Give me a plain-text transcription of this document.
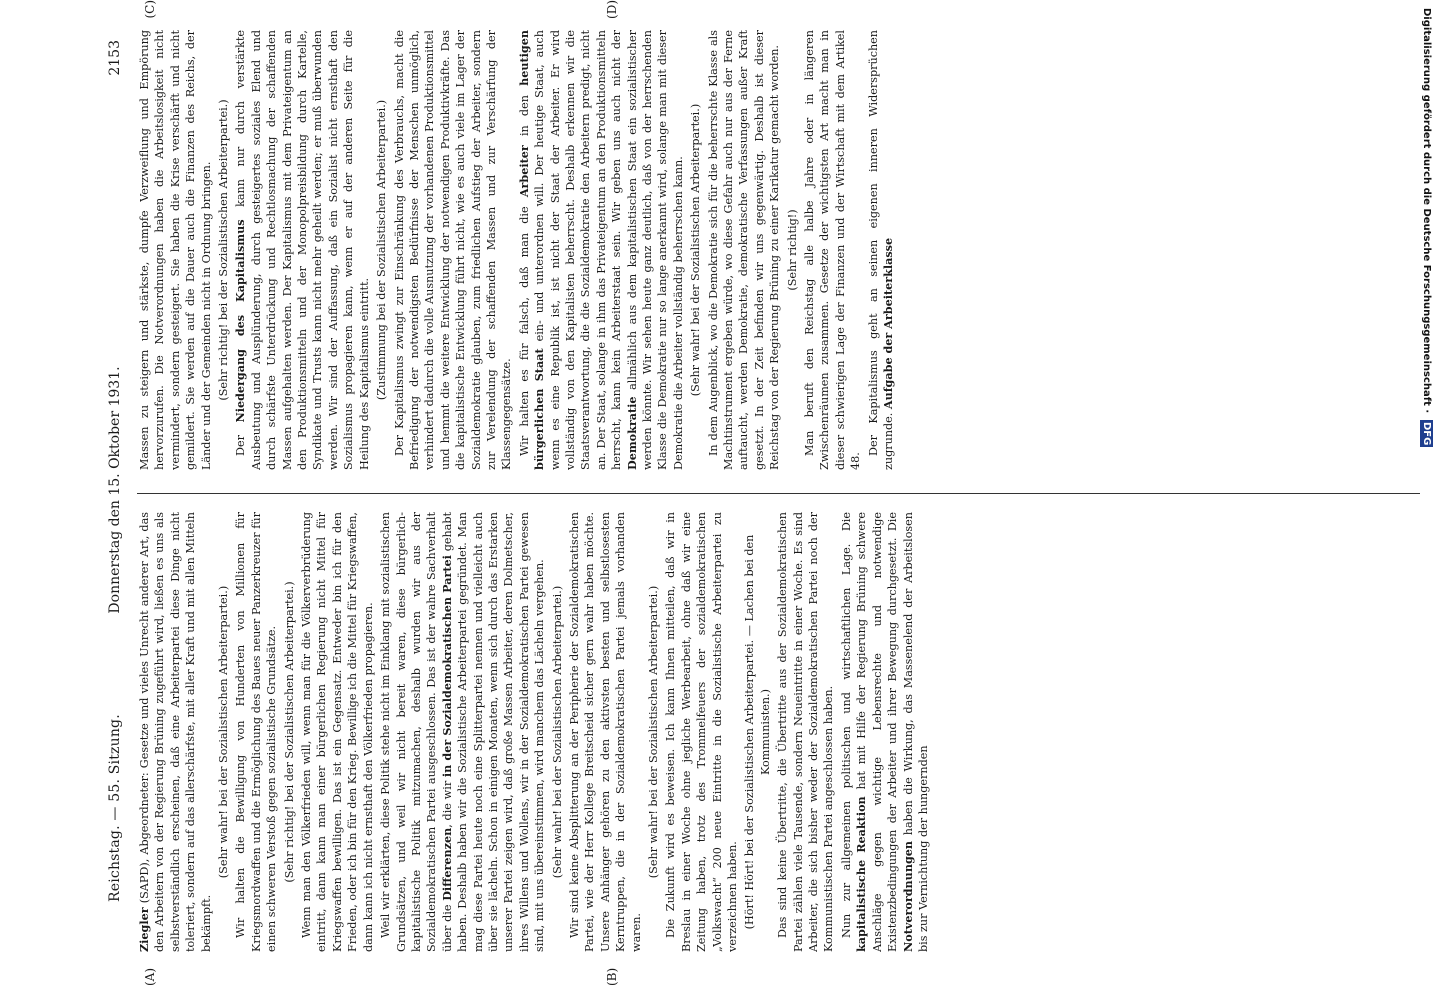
Reichstag. — 55. Sitzung.
Donnerstag den 15. Oktober 1931.
2153
(A)	(B)
(C)	(D)

Ziegler (SAPD), Abgeordneter: Gesetze und vieles Unrecht anderer Art, das den Arbeitern von der Regierung Brüning zugeführt wird, ließen es uns als selbstverständlich erscheinen, daß eine Arbeiterpartei diese Dinge nicht toleriert, sondern auf das allerschärfste, mit aller Kraft und mit allen Mitteln bekämpft.

(Sehr wahr! bei der Sozialistischen Arbeiterpartei.) Wir halten die Bewilligung von Hunderten von Millionen für Kriegsmordwaffen und die Ermöglichung des Baues neuer Panzerkreuzer für einen schweren Verstoß gegen sozialistische Grundsätze. (Sehr richtig! bei der Sozialistischen Arbeiterpartei.) Wenn man den Völkerfrieden will, wenn man für die Völkerverbrüderung eintritt, dann kann man einer bürgerlichen Regierung nicht Mittel für Kriegswaffen bewilligen. Das ist ein Gegensatz. Entweder bin ich für den Frieden, oder ich bin für den Krieg. Bewillige ich die Mittel für Kriegswaffen, dann kann ich nicht ernsthaft den Völkerfrieden propagieren. Weil wir erklärten, diese Politik stehe nicht im Einklang mit sozialistischen Grundsätzen, und weil wir nicht bereit waren, diese bürgerlich-kapitalistische Politik mitzumachen, deshalb wurden wir aus der Sozialdemokratischen Partei ausgeschlossen. Das ist der wahre Sachverhalt über die Differenzen, die wir in der Sozialdemokratischen Partei gehabt haben. Deshalb haben wir die Sozialistische Arbeiterpartei gegründet. Man mag diese Partei heute noch eine Splitterpartei nennen und vielleicht auch über sie lächeln. Schon in einigen Monaten, wenn sich durch das Erstarken unserer Partei zeigen wird, daß große Massen Arbeiter, deren Dolmetscher, ihres Willens und Wollens, wir in der Sozialdemokratischen Partei gewesen sind, mit uns übereinstimmen, wird manchem das Lächeln vergehen. (Sehr wahr! bei der Sozialistischen Arbeiterpartei.) Wir sind keine Absplitterung an der Peripherie der Sozialdemokratischen Partei, wie der Herr Kollege Breitscheid sicher gern wahr haben möchte. Unsere Anhänger gehören zu den aktivsten besten und selbstlosesten Kerntruppen, die in der Sozialdemokratischen Partei jemals vorhanden waren.

(Sehr wahr! bei der Sozialistischen Arbeiterpartei.) Die Zukunft wird es beweisen. Ich kann Ihnen mitteilen, daß wir in Breslau in einer Woche ohne jegliche Werbearbeit, ohne daß wir eine Zeitung haben, trotz des Trommelfeuers der sozialdemokratischen „Volkswacht“ 200 neue Eintritte in die Sozialistische Arbeiterpartei zu verzeichnen haben. (Hört! Hört! bei der Sozialistischen Arbeiterpartei. — Lachen bei den Kommunisten.) Das sind keine Übertritte, die Übertritte aus der Sozialdemokratischen Partei zählen viele Tausende, sondern Neueintritte in einer Woche. Es sind Arbeiter, die sich bisher weder der Sozialdemokratischen Partei noch der Kommunistischen Partei angeschlossen haben. Nun zur allgemeinen politischen und wirtschaftlichen Lage. Die kapitalistische Reaktion hat mit Hilfe der Regierung Brüning schwere Anschläge gegen wichtige Lebensrechte und notwendige Existenzbedingungen der Arbeiter und ihrer Bewegung durchgesetzt. Die Notverordnungen haben die Wirkung, das Massenelend der Arbeitslosen bis zur Vernichtung der hungernden

Massen zu steigern und stärkste, dumpfe Verzweiflung und Empörung hervorzurufen. Die Notverordnungen haben die Arbeitslosigkeit nicht vermindert, sondern gesteigert. Sie haben die Krise verschärft und nicht gemildert. Sie werden auf die Dauer auch die Finanzen des Reichs, der Länder und der Gemeinden nicht in Ordnung bringen. (Sehr richtig! bei der Sozialistischen Arbeiterpartei.)

Der Niedergang des Kapitalismus kann nur durch verstärkte Ausbeutung und Ausplünderung, durch gesteigertes soziales Elend und durch schärfste Unterdrückung und Rechtlosmachung der schaffenden Massen aufgehalten werden. Der Kapitalismus mit dem Privateigentum an den Produktionsmitteln und der Monopolpreisbildung durch Kartelle, Syndikate und Trusts kann nicht mehr geheilt werden; er muß überwunden werden. Wir sind der Auffassung, daß ein Sozialist nicht ernsthaft den Sozialismus propagieren kann, wenn er auf der anderen Seite für die Heilung des Kapitalismus eintritt. (Zustimmung bei der Sozialistischen Arbeiterpartei.) Der Kapitalismus zwingt zur Einschränkung des Verbrauchs, macht die Befriedigung der notwendigsten Bedürfnisse der Menschen unmöglich, verhindert dadurch die volle Ausnutzung der vorhandenen Produktionsmittel und hemmt die weitere Entwicklung der notwendigen Produktivkräfte. Das die kapitalistische Entwicklung führt nicht, wie es auch viele im Lager der Sozialdemokratie glauben, zum friedlichen Aufstieg der Arbeiter, sondern zur Verelendung der schaffenden Massen und zur Verschärfung der Klassengegensätze. Wir halten es für falsch, daß man die Arbeiter in den heutigen bürgerlichen Staat ein- und unterordnen will. Der heutige Staat, auch wenn es eine Republik ist, ist nicht der Staat der Arbeiter. Er wird vollständig von den Kapitalisten beherrscht. Deshalb erkennen wir die Staatsverantwortung, die die Sozialdemokratie den Arbeitern predigt, nicht an. Der Staat, solange in ihm das Privateigentum an den Produktionsmitteln herrscht, kann kein Arbeiterstaat sein. Wir geben uns auch nicht der Demokratie allmählich aus dem kapitalistischen Staat ein sozialistischer werden könnte. Wir sehen heute ganz deutlich, daß von der herrschenden Klasse die Demokratie nur so lange anerkannt wird, solange man mit dieser Demokratie die Arbeiter vollständig beherrschen kann. (Sehr wahr! bei der Sozialistischen Arbeiterpartei.) In dem Augenblick, wo die Demokratie sich für die beherrschte Klasse als Machtinstrument ergeben würde, wo diese Gefahr auch nur aus der Ferne auftaucht, werden Demokratie, demokratische Verfassungen außer Kraft gesetzt. In der Zeit befinden wir uns gegenwärtig. Deshalb ist dieser Reichstag von der Regierung Brüning zu einer Karikatur gemacht worden. (Sehr richtig!) Man beruft den Reichstag alle halbe Jahre oder in längeren Zwischenräumen zusammen. Gesetze der wichtigsten Art macht man in dieser schwierigen Lage der Finanzen und der Wirtschaft mit dem Artikel 48.

Der Kapitalismus geht an seinen eigenen inneren Widersprüchen zugrunde. Aufgabe der Arbeiterklasse	Digitalisierung gefördert durch die Deutsche Forschungsgemeinschaft · DFG
